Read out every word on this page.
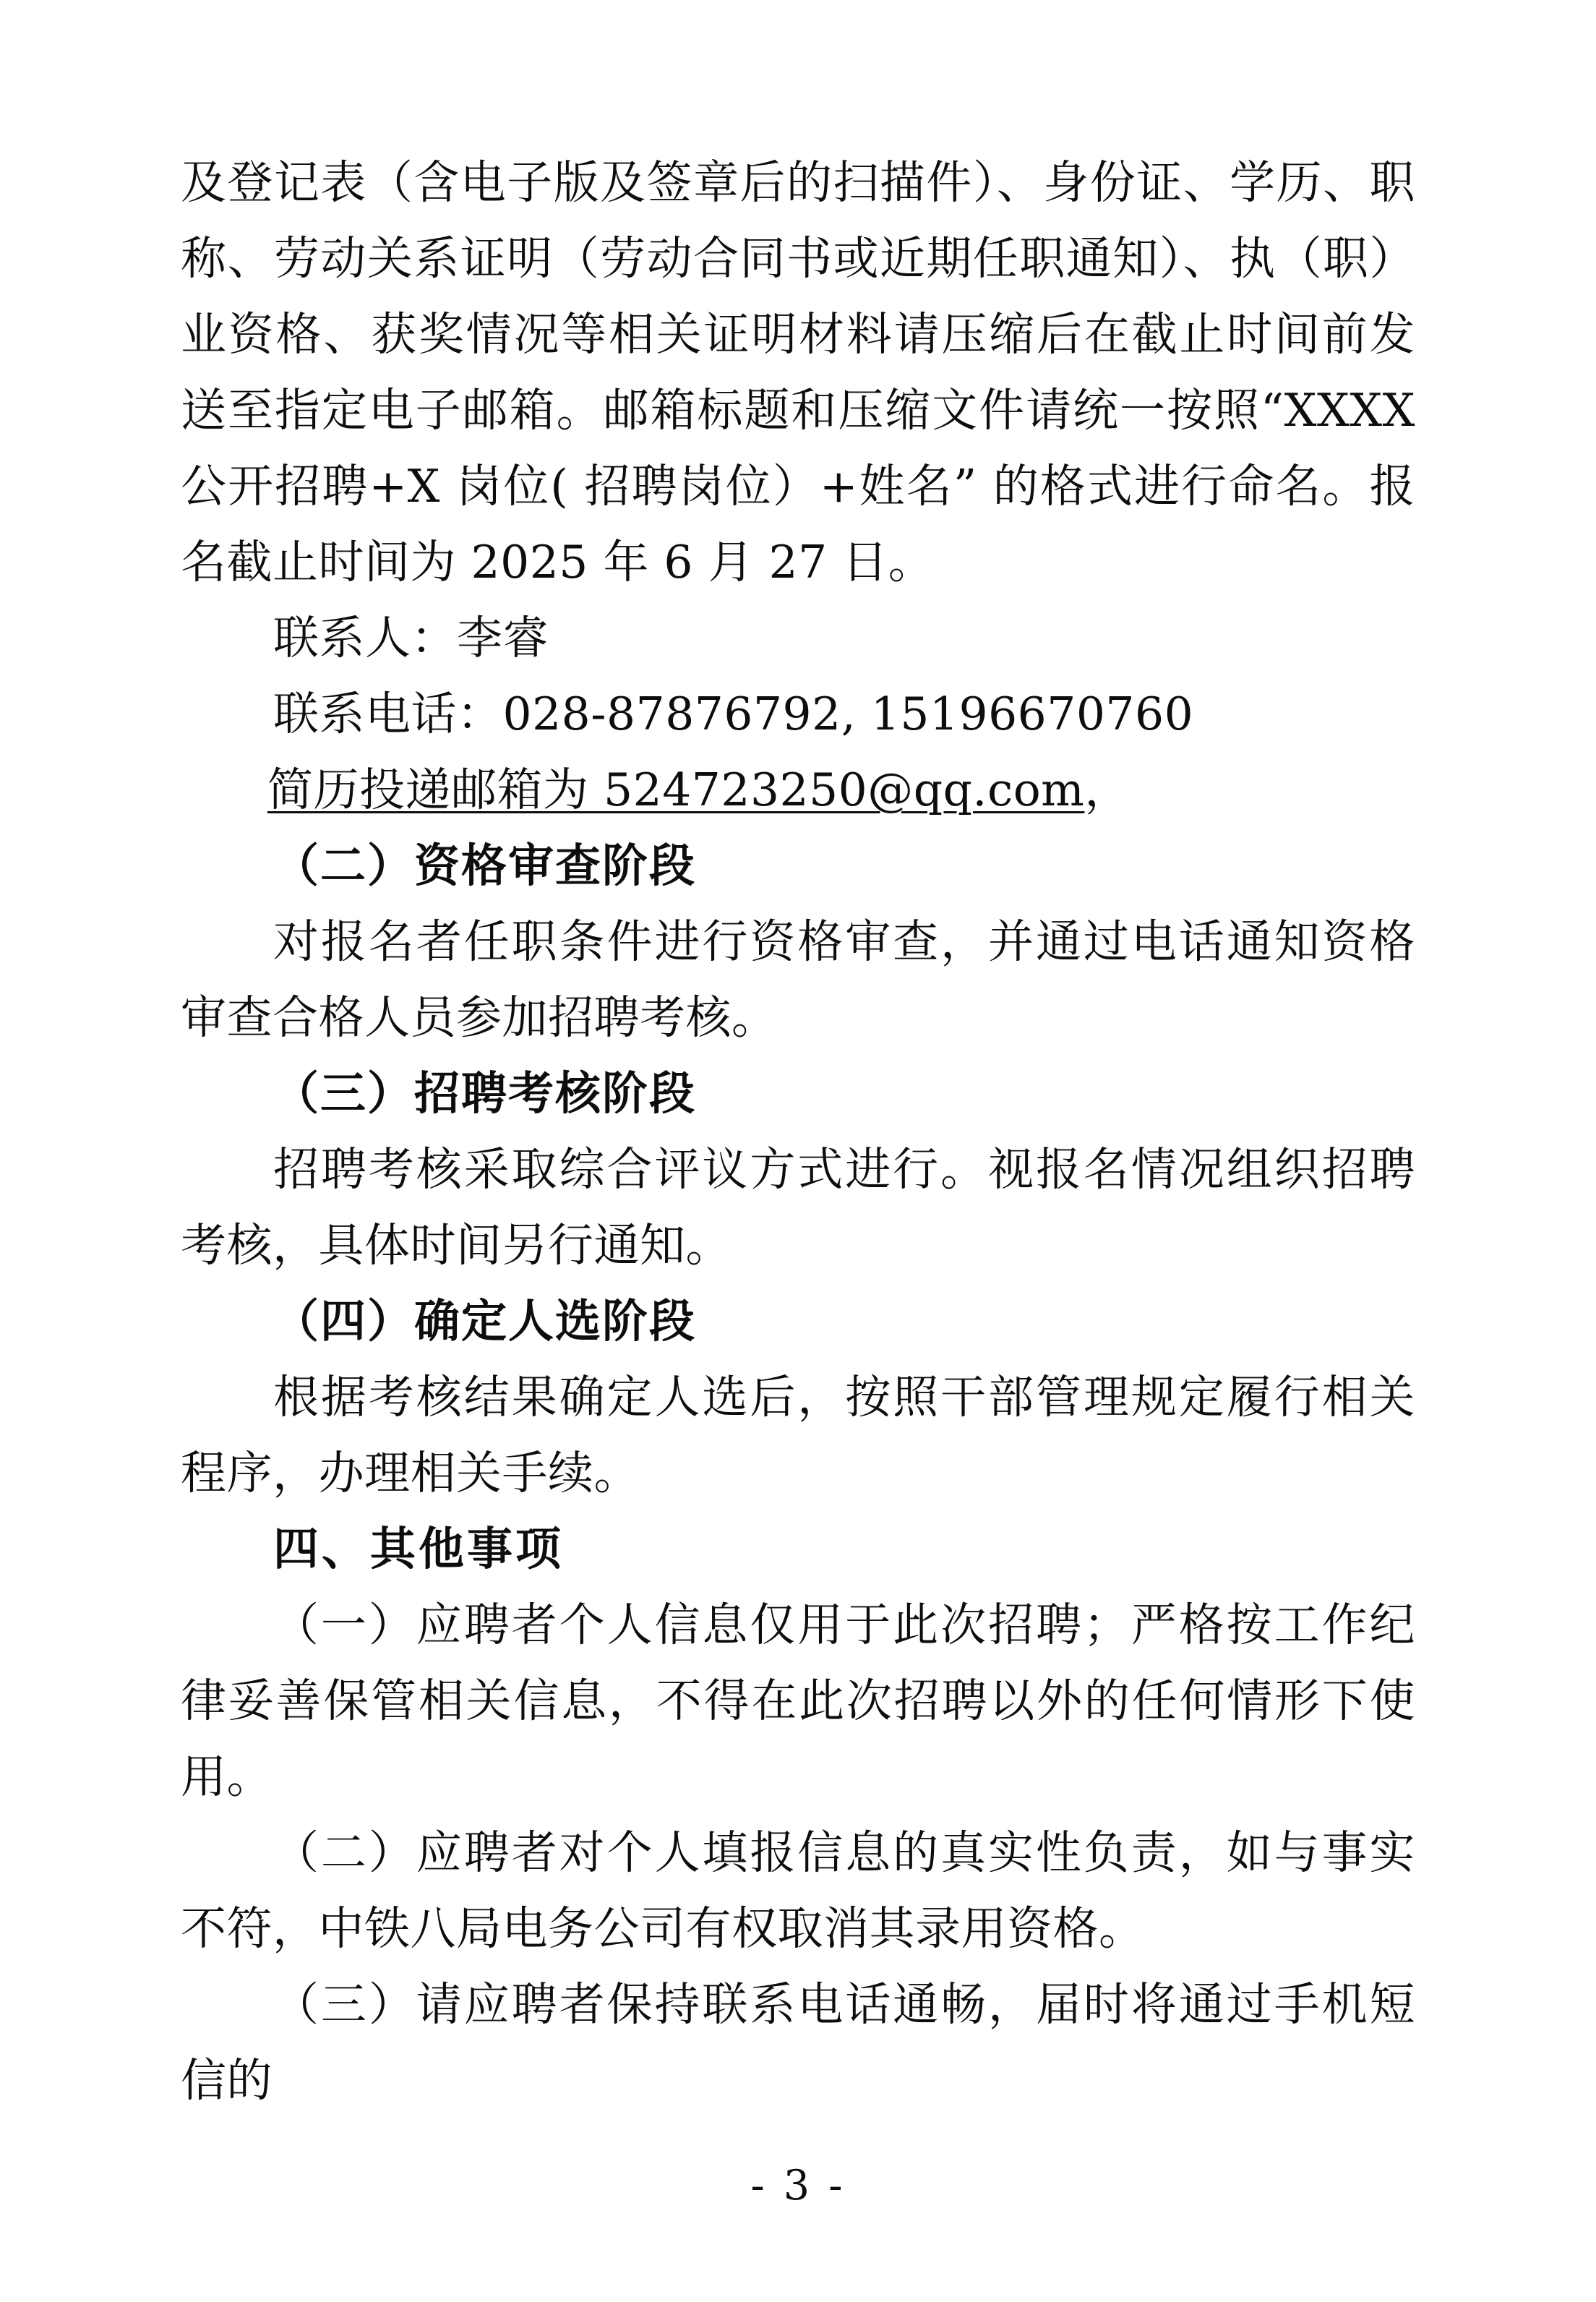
及登记表（含电子版及签章后的扫描件）、身份证、学历、职称、劳动关系证明（劳动合同书或近期任职通知）、执（职）业资格、获奖情况等相关证明材料请压缩后在截止时间前发送至指定电子邮箱。邮箱标题和压缩文件请统一按照“XXXX 公开招聘+X 岗位( 招聘岗位）+姓名” 的格式进行命名。报名截止时间为 2025 年 6 月 27 日。

联系人：李睿

联系电话：028-87876792, 15196670760

简历投递邮箱为 524723250@qq.com，

（二）资格审查阶段

对报名者任职条件进行资格审查，并通过电话通知资格审查合格人员参加招聘考核。

（三）招聘考核阶段

招聘考核采取综合评议方式进行。视报名情况组织招聘考核，具体时间另行通知。

（四）确定人选阶段

根据考核结果确定人选后，按照干部管理规定履行相关程序，办理相关手续。

四、其他事项

（一）应聘者个人信息仅用于此次招聘；严格按工作纪律妥善保管相关信息，不得在此次招聘以外的任何情形下使用。

（二）应聘者对个人填报信息的真实性负责，如与事实不符，中铁八局电务公司有权取消其录用资格。

（三）请应聘者保持联系电话通畅，届时将通过手机短信的

- 3 -
